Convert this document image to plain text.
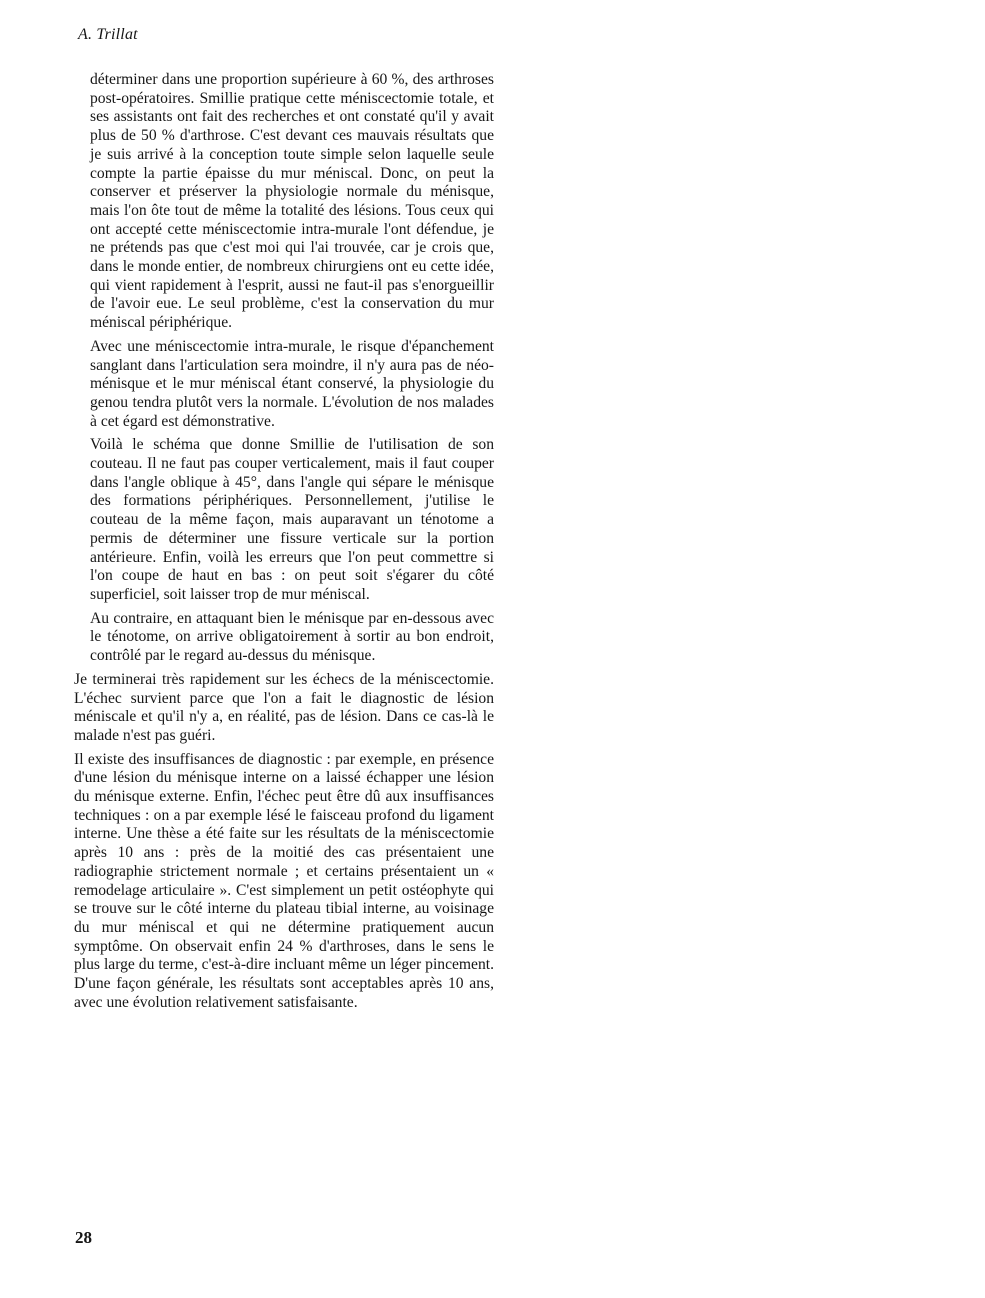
A. Trillat

déterminer dans une proportion supérieure à 60 %, des arthroses post-opératoires. Smillie pratique cette méniscectomie totale, et ses assistants ont fait des recherches et ont constaté qu'il y avait plus de 50 % d'arthrose. C'est devant ces mauvais résultats que je suis arrivé à la conception toute simple selon laquelle seule compte la partie épaisse du mur méniscal. Donc, on peut la conserver et préserver la physiologie normale du ménisque, mais l'on ôte tout de même la totalité des lésions. Tous ceux qui ont accepté cette méniscectomie intra-murale l'ont défendue, je ne prétends pas que c'est moi qui l'ai trouvée, car je crois que, dans le monde entier, de nombreux chirurgiens ont eu cette idée, qui vient rapidement à l'esprit, aussi ne faut-il pas s'enorgueillir de l'avoir eue. Le seul problème, c'est la conservation du mur méniscal périphérique.

Avec une méniscectomie intra-murale, le risque d'épanchement sanglant dans l'articulation sera moindre, il n'y aura pas de néo-ménisque et le mur méniscal étant conservé, la physiologie du genou tendra plutôt vers la normale. L'évolution de nos malades à cet égard est démonstrative.

Voilà le schéma que donne Smillie de l'utilisation de son couteau. Il ne faut pas couper verticalement, mais il faut couper dans l'angle oblique à 45°, dans l'angle qui sépare le ménisque des formations périphériques. Personnellement, j'utilise le couteau de la même façon, mais auparavant un ténotome a permis de déterminer une fissure verticale sur la portion antérieure. Enfin, voilà les erreurs que l'on peut commettre si l'on coupe de haut en bas : on peut soit s'égarer du côté superficiel, soit laisser trop de mur méniscal.

Au contraire, en attaquant bien le ménisque par en-dessous avec le ténotome, on arrive obligatoirement à sortir au bon endroit, contrôlé par le regard au-dessus du ménisque.

Je terminerai très rapidement sur les échecs de la méniscectomie. L'échec survient parce que l'on a fait le diagnostic de lésion méniscale et qu'il n'y a, en réalité, pas de lésion. Dans ce cas-là le malade n'est pas guéri.

Il existe des insuffisances de diagnostic : par exemple, en présence d'une lésion du ménisque interne on a laissé échapper une lésion du ménisque externe. Enfin, l'échec peut être dû aux insuffisances techniques : on a par exemple lésé le faisceau profond du ligament interne. Une thèse a été faite sur les résultats de la méniscectomie après 10 ans : près de la moitié des cas présentaient une radiographie strictement normale ; et certains présentaient un « remodelage articulaire ». C'est simplement un petit ostéophyte qui se trouve sur le côté interne du plateau tibial interne, au voisinage du mur méniscal et qui ne détermine pratiquement aucun symptôme. On observait enfin 24 % d'arthroses, dans le sens le plus large du terme, c'est-à-dire incluant même un léger pincement. D'une façon générale, les résultats sont acceptables après 10 ans, avec une évolution relativement satisfaisante.

28
